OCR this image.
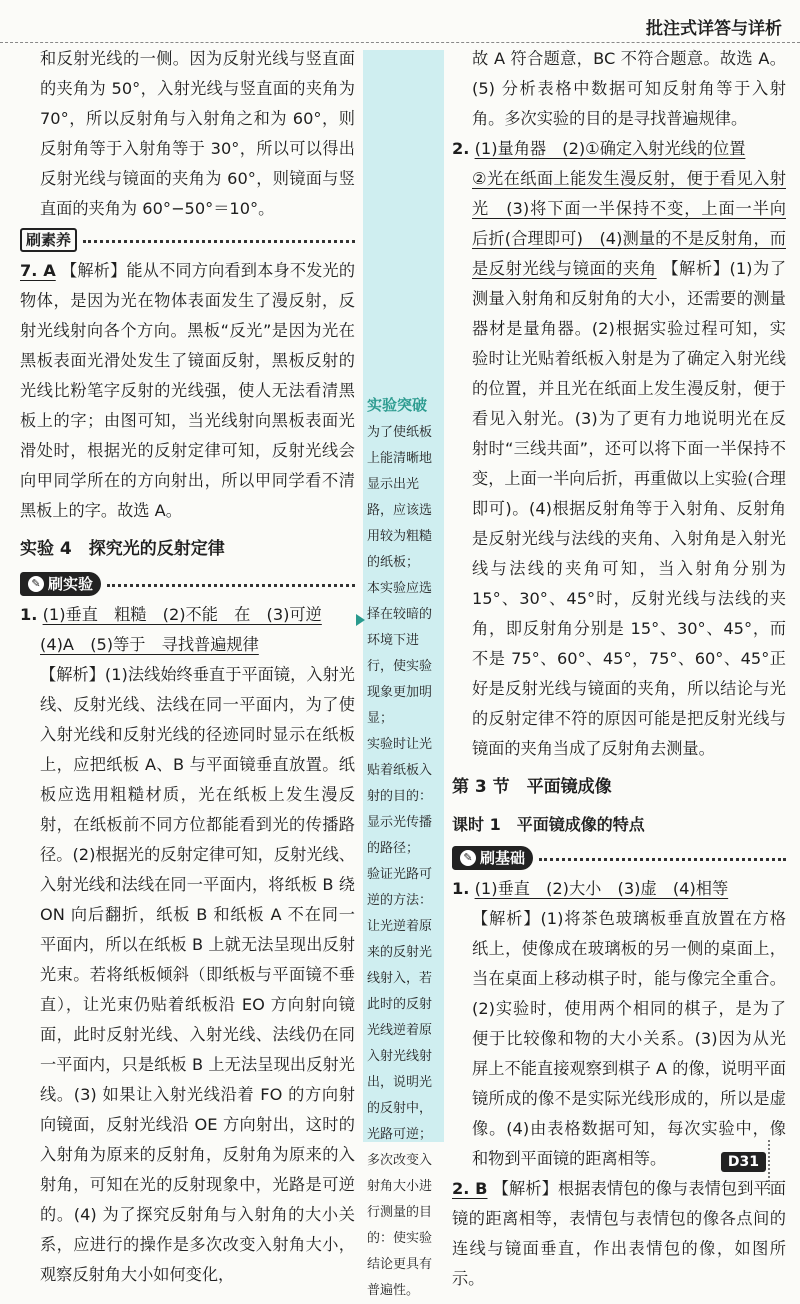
批注式详答与详析
实验突破

为了使纸板上能清晰地显示出光路，应该选用较为粗糙的纸板；

本实验应选择在较暗的环境下进行，使实验现象更加明显；

实验时让光贴着纸板入射的目的：显示光传播的路径；

验证光路可逆的方法：让光逆着原来的反射光线射入，若此时的反射光线逆着原入射光线射出，说明光的反射中，光路可逆；

多次改变入射角大小进行测量的目的：使实验结论更具有普遍性。

和反射光线的一侧。因为反射光线与竖直面的夹角为 50°，入射光线与竖直面的夹角为 70°，所以反射角与入射角之和为 60°，则反射角等于入射角等于 30°，所以可以得出反射光线与镜面的夹角为 60°，则镜面与竖直面的夹角为 60°−50°＝10°。

刷素养

7. A 【解析】能从不同方向看到本身不发光的物体，是因为光在物体表面发生了漫反射，反射光线射向各个方向。黑板“反光”是因为光在黑板表面光滑处发生了镜面反射，黑板反射的光线比粉笔字反射的光线强，使人无法看清黑板上的字；由图可知，当光线射向黑板表面光滑处时，根据光的反射定律可知，反射光线会向甲同学所在的方向射出，所以甲同学看不清黑板上的字。故选 A。

实验 4　探究光的反射定律

✎ 刷实验

1. (1)垂直　粗糙　(2)不能　在　(3)可逆

(4)A　(5)等于　寻找普遍规律

【解析】(1)法线始终垂直于平面镜，入射光线、反射光线、法线在同一平面内，为了使入射光线和反射光线的径迹同时显示在纸板上，应把纸板 A、B 与平面镜垂直放置。纸板应选用粗糙材质，光在纸板上发生漫反射，在纸板前不同方位都能看到光的传播路径。(2)根据光的反射定律可知，反射光线、入射光线和法线在同一平面内，将纸板 B 绕 ON 向后翻折，纸板 B 和纸板 A 不在同一平面内，所以在纸板 B 上就无法呈现出反射光束。若将纸板倾斜（即纸板与平面镜不垂直），让光束仍贴着纸板沿 EO 方向射向镜面，此时反射光线、入射光线、法线仍在同一平面内，只是纸板 B 上无法呈现出反射光线。(3) 如果让入射光线沿着 FO 的方向射向镜面，反射光线沿 OE 方向射出，这时的入射角为原来的反射角，反射角为原来的入射角，可知在光的反射现象中，光路是可逆的。(4) 为了探究反射角与入射角的大小关系，应进行的操作是多次改变入射角大小，观察反射角大小如何变化，

故 A 符合题意，BC 不符合题意。故选 A。(5) 分析表格中数据可知反射角等于入射角。多次实验的目的是寻找普遍规律。

2. (1)量角器　(2)①确定入射光线的位置

②光在纸面上能发生漫反射，便于看见入射光　(3)将下面一半保持不变，上面一半向后折(合理即可)　(4)测量的不是反射角，而是反射光线与镜面的夹角 【解析】(1)为了测量入射角和反射角的大小，还需要的测量器材是量角器。(2)根据实验过程可知，实验时让光贴着纸板入射是为了确定入射光线的位置，并且光在纸面上发生漫反射，便于看见入射光。(3)为了更有力地说明光在反射时“三线共面”，还可以将下面一半保持不变，上面一半向后折，再重做以上实验(合理即可)。(4)根据反射角等于入射角、反射角是反射光线与法线的夹角、入射角是入射光线与法线的夹角可知，当入射角分别为 15°、30°、45°时，反射光线与法线的夹角，即反射角分别是 15°、30°、45°，而不是 75°、60°、45°，75°、60°、45°正好是反射光线与镜面的夹角，所以结论与光的反射定律不符的原因可能是把反射光线与镜面的夹角当成了反射角去测量。

第 3 节　平面镜成像

课时 1　平面镜成像的特点

✎ 刷基础

1. (1)垂直　(2)大小　(3)虚　(4)相等

【解析】(1)将茶色玻璃板垂直放置在方格纸上，使像成在玻璃板的另一侧的桌面上，当在桌面上移动棋子时，能与像完全重合。(2)实验时，使用两个相同的棋子，是为了便于比较像和物的大小关系。(3)因为从光屏上不能直接观察到棋子 A 的像，说明平面镜所成的像不是实际光线形成的，所以是虚像。(4)由表格数据可知，每次实验中，像和物到平面镜的距离相等。

2. B 【解析】根据表情包的像与表情包到平面镜的距离相等，表情包与表情包的像各点间的连线与镜面垂直，作出表情包的像，如图所示。

D31
